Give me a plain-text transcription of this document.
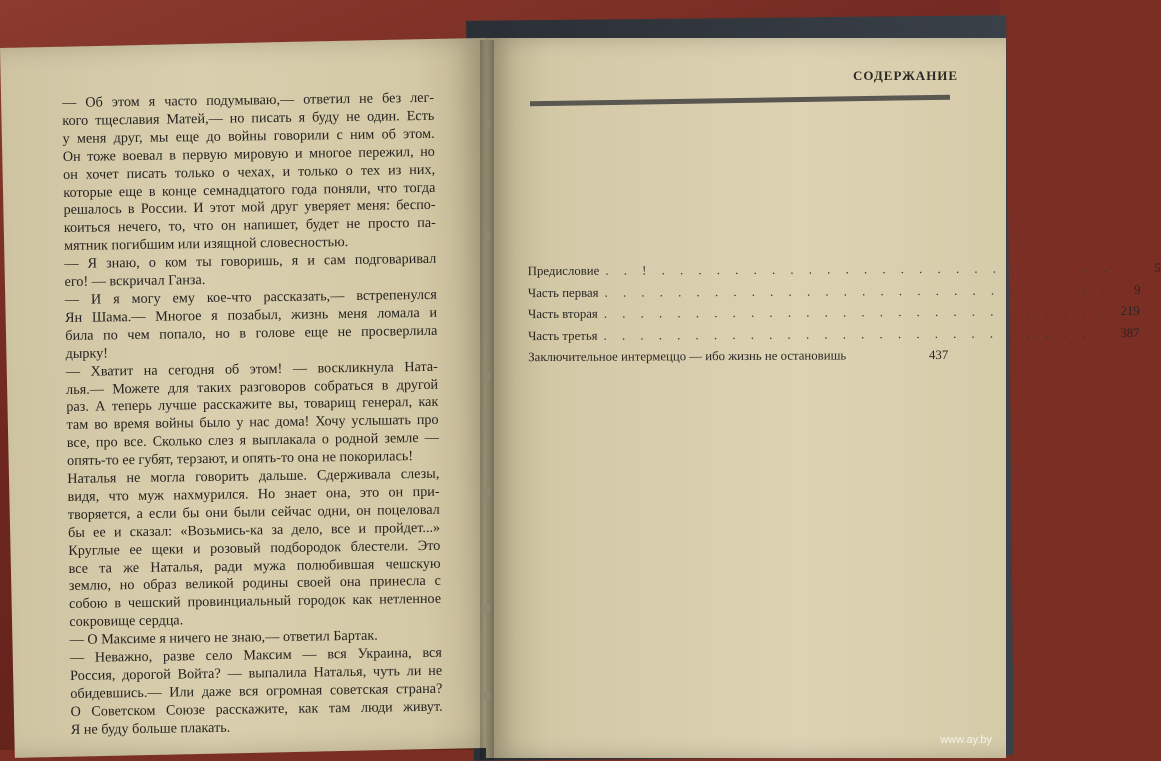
— Об этом я часто подумываю,— ответил не без лег-
кого тщеславия Матей,— но писать я буду не один. Есть
у меня друг, мы еще до войны говорили с ним об этом.
Он тоже воевал в первую мировую и многое пережил, но
он хочет писать только о чехах, и только о тех из них,
которые еще в конце семнадцатого года поняли, что тогда
решалось в России. И этот мой друг уверяет меня: беспо-
коиться нечего, то, что он напишет, будет не просто па-
мятник погибшим или изящной словесностью.
— Я знаю, о ком ты говоришь, я и сам подговаривал
его! — вскричал Ганза.
— И я могу ему кое-что рассказать,— встрепенулся
Ян Шама.— Многое я позабыл, жизнь меня ломала и
била по чем попало, но в голове еще не просверлила
дырку!
— Хватит на сегодня об этом! — воскликнула Ната-
лья.— Можете для таких разговоров собраться в другой
раз. А теперь лучше расскажите вы, товарищ генерал, как
там во время войны было у нас дома! Хочу услышать про
все, про все. Сколько слез я выплакала о родной земле —
опять-то ее губят, терзают, и опять-то она не покорилась!
Наталья не могла говорить дальше. Сдерживала слезы,
видя, что муж нахмурился. Но знает она, это он при-
творяется, а если бы они были сейчас одни, он поцеловал
бы ее и сказал: «Возьмись-ка за дело, все и пройдет...»
Круглые ее щеки и розовый подбородок блестели. Это
все та же Наталья, ради мужа полюбившая чешскую
землю, но образ великой родины своей она принесла с
собою в чешский провинциальный городок как нетленное
сокровище сердца.
— О Максиме я ничего не знаю,— ответил Бартак.
— Неважно, разве село Максим — вся Украина, вся
Россия, дорогой Войта? — выпалила Наталья, чуть ли не
обидевшись.— Или даже вся огромная советская страна?
О Советском Союзе расскажите, как там люди живут.
Я не буду больше плакать.
СОДЕРЖАНИЕ
Предисловие . . ! . . . . . . . . . . . . . . . . . . . . . . . . . .	5
Часть первая . . . . . . . . . . . . . . . . . . . . . . . . . . . .	9
Часть вторая . . . . . . . . . . . . . . . . . . . . . . . . . . . . 219
Часть третья . . . . . . . . . . . . . . . . . . . . . . . . . . . . 387
Заключительное интермеццо — ибо жизнь не остановишь	437
www.ay.by
